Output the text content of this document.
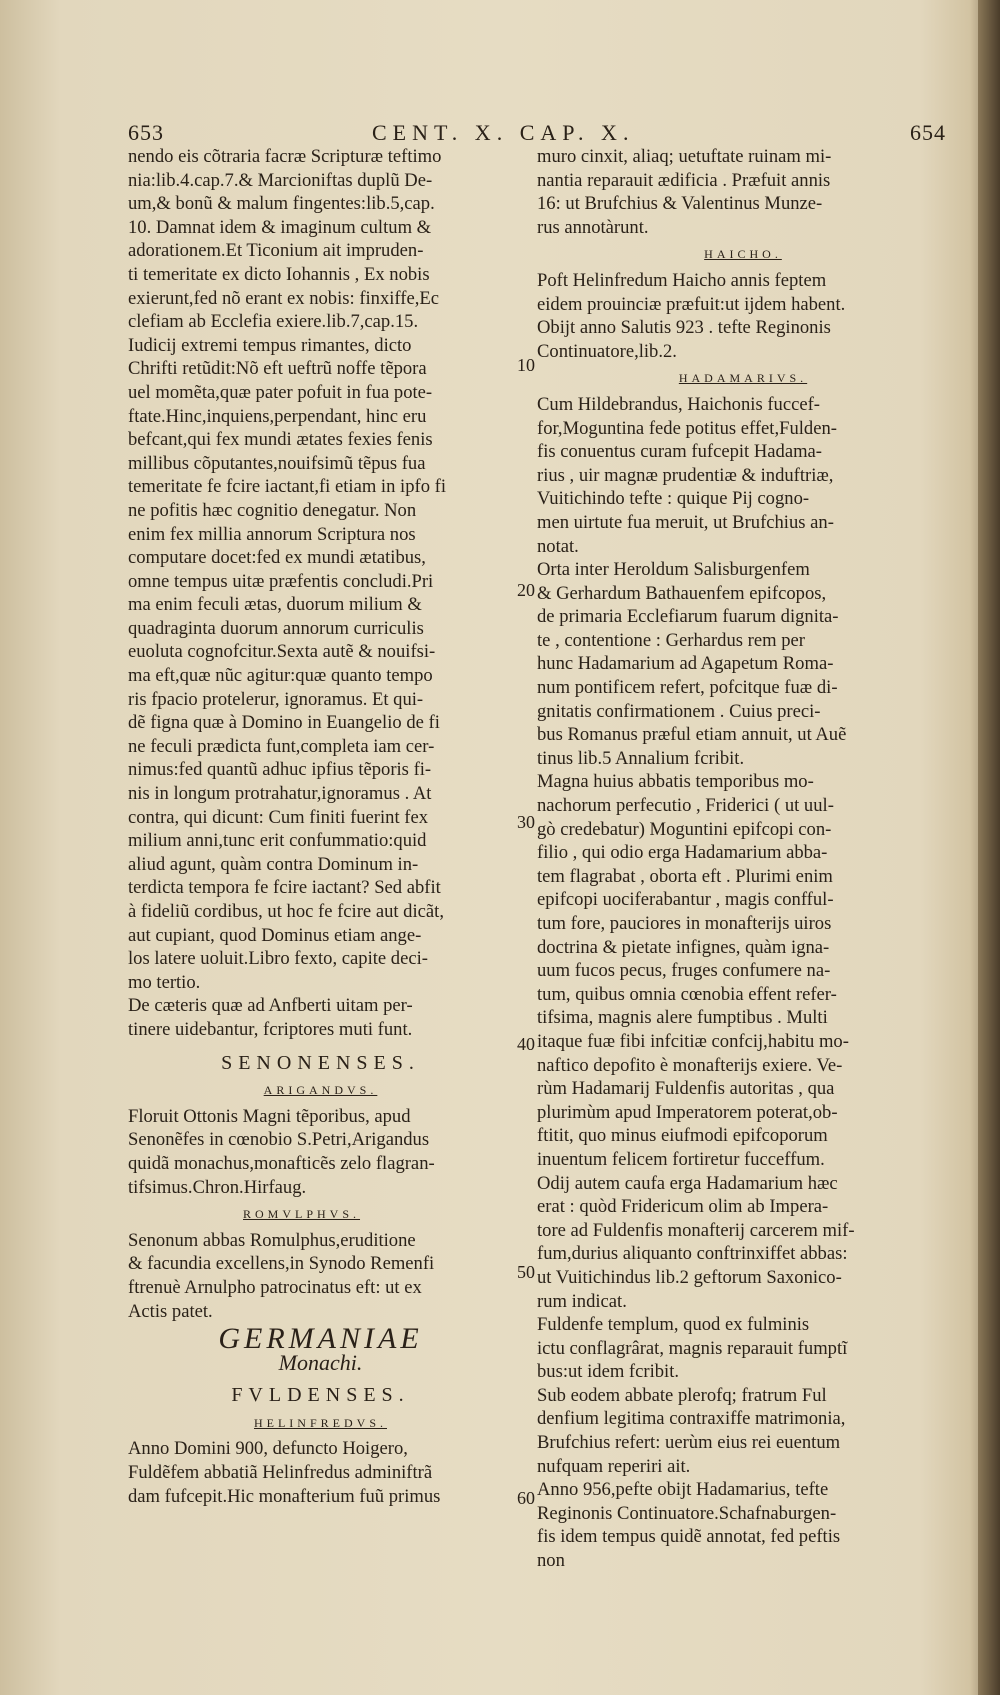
653	CENT. X. CAP. X.	654
10
20
30
40
50
60
nendo eis cõtraria facræ Scripturæ teftimo
nia:lib.4.cap.7.& Marcioniftas duplũ De-
um,& bonũ & malum fingentes:lib.5,cap.
10. Damnat idem & imaginum cultum &
adorationem.Et Ticonium ait impruden-
ti temeritate ex dicto Iohannis , Ex nobis
exierunt,fed nõ erant ex nobis: finxiffe,Ec
clefiam ab Ecclefia exiere.lib.7,cap.15.
Iudicij extremi tempus rimantes, dicto
Chrifti retũdit:Nõ eft ueftrũ noffe tẽpora
uel momẽta,quæ pater pofuit in fua pote-
ftate.Hinc,inquiens,perpendant, hinc eru
befcant,qui fex mundi ætates fexies fenis
millibus cõputantes,nouifsimũ tẽpus fua
temeritate fe fcire iactant,fi etiam in ipfo fi
ne pofitis hæc cognitio denegatur. Non
enim fex millia annorum Scriptura nos
computare docet:fed ex mundi ætatibus,
omne tempus uitæ præfentis concludi.Pri
ma enim feculi ætas, duorum milium &
quadraginta duorum annorum curriculis
euoluta cognofcitur.Sexta autẽ & nouifsi-
ma eft,quæ nũc agitur:quæ quanto tempo
ris fpacio protelerur, ignoramus. Et qui-
dẽ figna quæ à Domino in Euangelio de fi
ne feculi prædicta funt,completa iam cer-
nimus:fed quantũ adhuc ipfius tẽporis fi-
nis in longum protrahatur,ignoramus . At
contra, qui dicunt: Cum finiti fuerint fex
milium anni,tunc erit confummatio:quid
aliud agunt, quàm contra Dominum in-
terdicta tempora fe fcire iactant? Sed abfit
à fideliũ cordibus, ut hoc fe fcire aut dicãt,
aut cupiant, quod Dominus etiam ange-
los latere uoluit.Libro fexto, capite deci-
mo tertio.
De cæteris quæ ad Anfberti uitam per-
tinere uidebantur, fcriptores muti funt.
SENONENSES.
ARIGANDVS.
Floruit Ottonis Magni tẽporibus, apud
Senonẽfes in cœnobio S.Petri,Arigandus
quidã monachus,monafticẽs zelo flagran-
tifsimus.Chron.Hirfaug.
ROMVLPHVS.
Senonum abbas Romulphus,eruditione
& facundia excellens,in Synodo Remenfi
ftrenuè Arnulpho patrocinatus eft: ut ex
Actis patet.
GERMANIAE
Monachi.
FVLDENSES.
HELINFREDVS.
Anno Domini 900, defuncto Hoigero,
Fuldẽfem abbatiã Helinfredus adminiftrã
dam fufcepit.Hic monafterium fuũ primus
muro cinxit, aliaq; uetuftate ruinam mi-
nantia reparauit ædificia . Præfuit annis
16: ut Brufchius & Valentinus Munze-
rus annotàrunt.
HAICHO.
Poft Helinfredum Haicho annis feptem
eidem prouinciæ præfuit:ut ijdem habent.
Obijt anno Salutis 923 . tefte Reginonis
Continuatore,lib.2.
HADAMARIVS.
Cum Hildebrandus, Haichonis fuccef-
for,Moguntina fede potitus effet,Fulden-
fis conuentus curam fufcepit Hadama-
rius , uir magnæ prudentiæ & induftriæ,
Vuitichindo tefte : quique Pij cogno-
men uirtute fua meruit, ut Brufchius an-
notat.
Orta inter Heroldum Salisburgenfem
& Gerhardum Bathauenfem epifcopos,
de primaria Ecclefiarum fuarum dignita-
te , contentione : Gerhardus rem per
hunc Hadamarium ad Agapetum Roma-
num pontificem refert, pofcitque fuæ di-
gnitatis confirmationem . Cuius preci-
bus Romanus præful etiam annuit, ut Auẽ
tinus lib.5 Annalium fcribit.
Magna huius abbatis temporibus mo-
nachorum perfecutio , Friderici ( ut uul-
gò credebatur) Moguntini epifcopi con-
filio , qui odio erga Hadamarium abba-
tem flagrabat , oborta eft . Plurimi enim
epifcopi uociferabantur , magis confful-
tum fore, pauciores in monafterijs uiros
doctrina & pietate infignes, quàm igna-
uum fucos pecus, fruges confumere na-
tum, quibus omnia cœnobia effent refer-
tifsima, magnis alere fumptibus . Multi
itaque fuæ fibi infcitiæ confcij,habitu mo-
naftico depofito è monafterijs exiere. Ve-
rùm Hadamarij Fuldenfis autoritas , qua
plurimùm apud Imperatorem poterat,ob-
ftitit, quo minus eiufmodi epifcoporum
inuentum felicem fortiretur fucceffum.
Odij autem caufa erga Hadamarium hæc
erat : quòd Fridericum olim ab Impera-
tore ad Fuldenfis monafterij carcerem mif-
fum,durius aliquanto conftrinxiffet abbas:
ut Vuitichindus lib.2 geftorum Saxonico-
rum indicat.
Fuldenfe templum, quod ex fulminis
ictu conflagrârat, magnis reparauit fumptĩ
bus:ut idem fcribit.
Sub eodem abbate plerofq; fratrum Ful
denfium legitima contraxiffe matrimonia,
Brufchius refert: uerùm eius rei euentum
nufquam reperiri ait.
Anno 956,pefte obijt Hadamarius, tefte
Reginonis Continuatore.Schafnaburgen-
fis idem tempus quidẽ annotat, fed peftis
non
